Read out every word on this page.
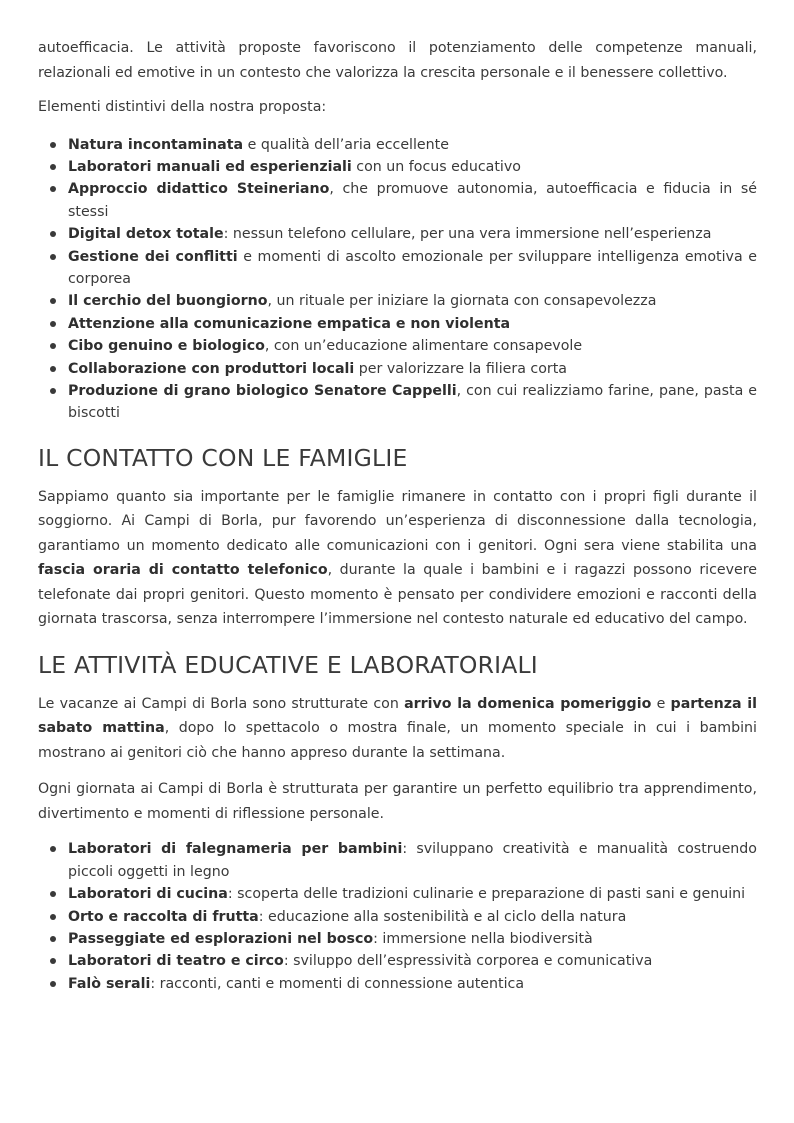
autoefficacia. Le attività proposte favoriscono il potenziamento delle competenze manuali, relazionali ed emotive in un contesto che valorizza la crescita personale e il benessere collettivo.

Elementi distintivi della nostra proposta:

Natura incontaminata e qualità dell’aria eccellente
Laboratori manuali ed esperienziali con un focus educativo
Approccio didattico Steineriano, che promuove autonomia, autoefficacia e fiducia in sé stessi
Digital detox totale: nessun telefono cellulare, per una vera immersione nell’esperienza
Gestione dei conflitti e momenti di ascolto emozionale per sviluppare intelligenza emotiva e corporea
Il cerchio del buongiorno, un rituale per iniziare la giornata con consapevolezza
Attenzione alla comunicazione empatica e non violenta
Cibo genuino e biologico, con un’educazione alimentare consapevole
Collaborazione con produttori locali per valorizzare la filiera corta
Produzione di grano biologico Senatore Cappelli, con cui realizziamo farine, pane, pasta e biscotti
IL CONTATTO CON LE FAMIGLIE

Sappiamo quanto sia importante per le famiglie rimanere in contatto con i propri figli durante il soggiorno. Ai Campi di Borla, pur favorendo un’esperienza di disconnessione dalla tecnologia, garantiamo un momento dedicato alle comunicazioni con i genitori. Ogni sera viene stabilita una fascia oraria di contatto telefonico, durante la quale i bambini e i ragazzi possono ricevere telefonate dai propri genitori. Questo momento è pensato per condividere emozioni e racconti della giornata trascorsa, senza interrompere l’immersione nel contesto naturale ed educativo del campo.

LE ATTIVITÀ EDUCATIVE E LABORATORIALI

Le vacanze ai Campi di Borla sono strutturate con arrivo la domenica pomeriggio e partenza il sabato mattina, dopo lo spettacolo o mostra finale, un momento speciale in cui i bambini mostrano ai genitori ciò che hanno appreso durante la settimana.

Ogni giornata ai Campi di Borla è strutturata per garantire un perfetto equilibrio tra apprendimento, divertimento e momenti di riflessione personale.

Laboratori di falegnameria per bambini: sviluppano creatività e manualità costruendo piccoli oggetti in legno
Laboratori di cucina: scoperta delle tradizioni culinarie e preparazione di pasti sani e genuini
Orto e raccolta di frutta: educazione alla sostenibilità e al ciclo della natura
Passeggiate ed esplorazioni nel bosco: immersione nella biodiversità
Laboratori di teatro e circo: sviluppo dell’espressività corporea e comunicativa
Falò serali: racconti, canti e momenti di connessione autentica
